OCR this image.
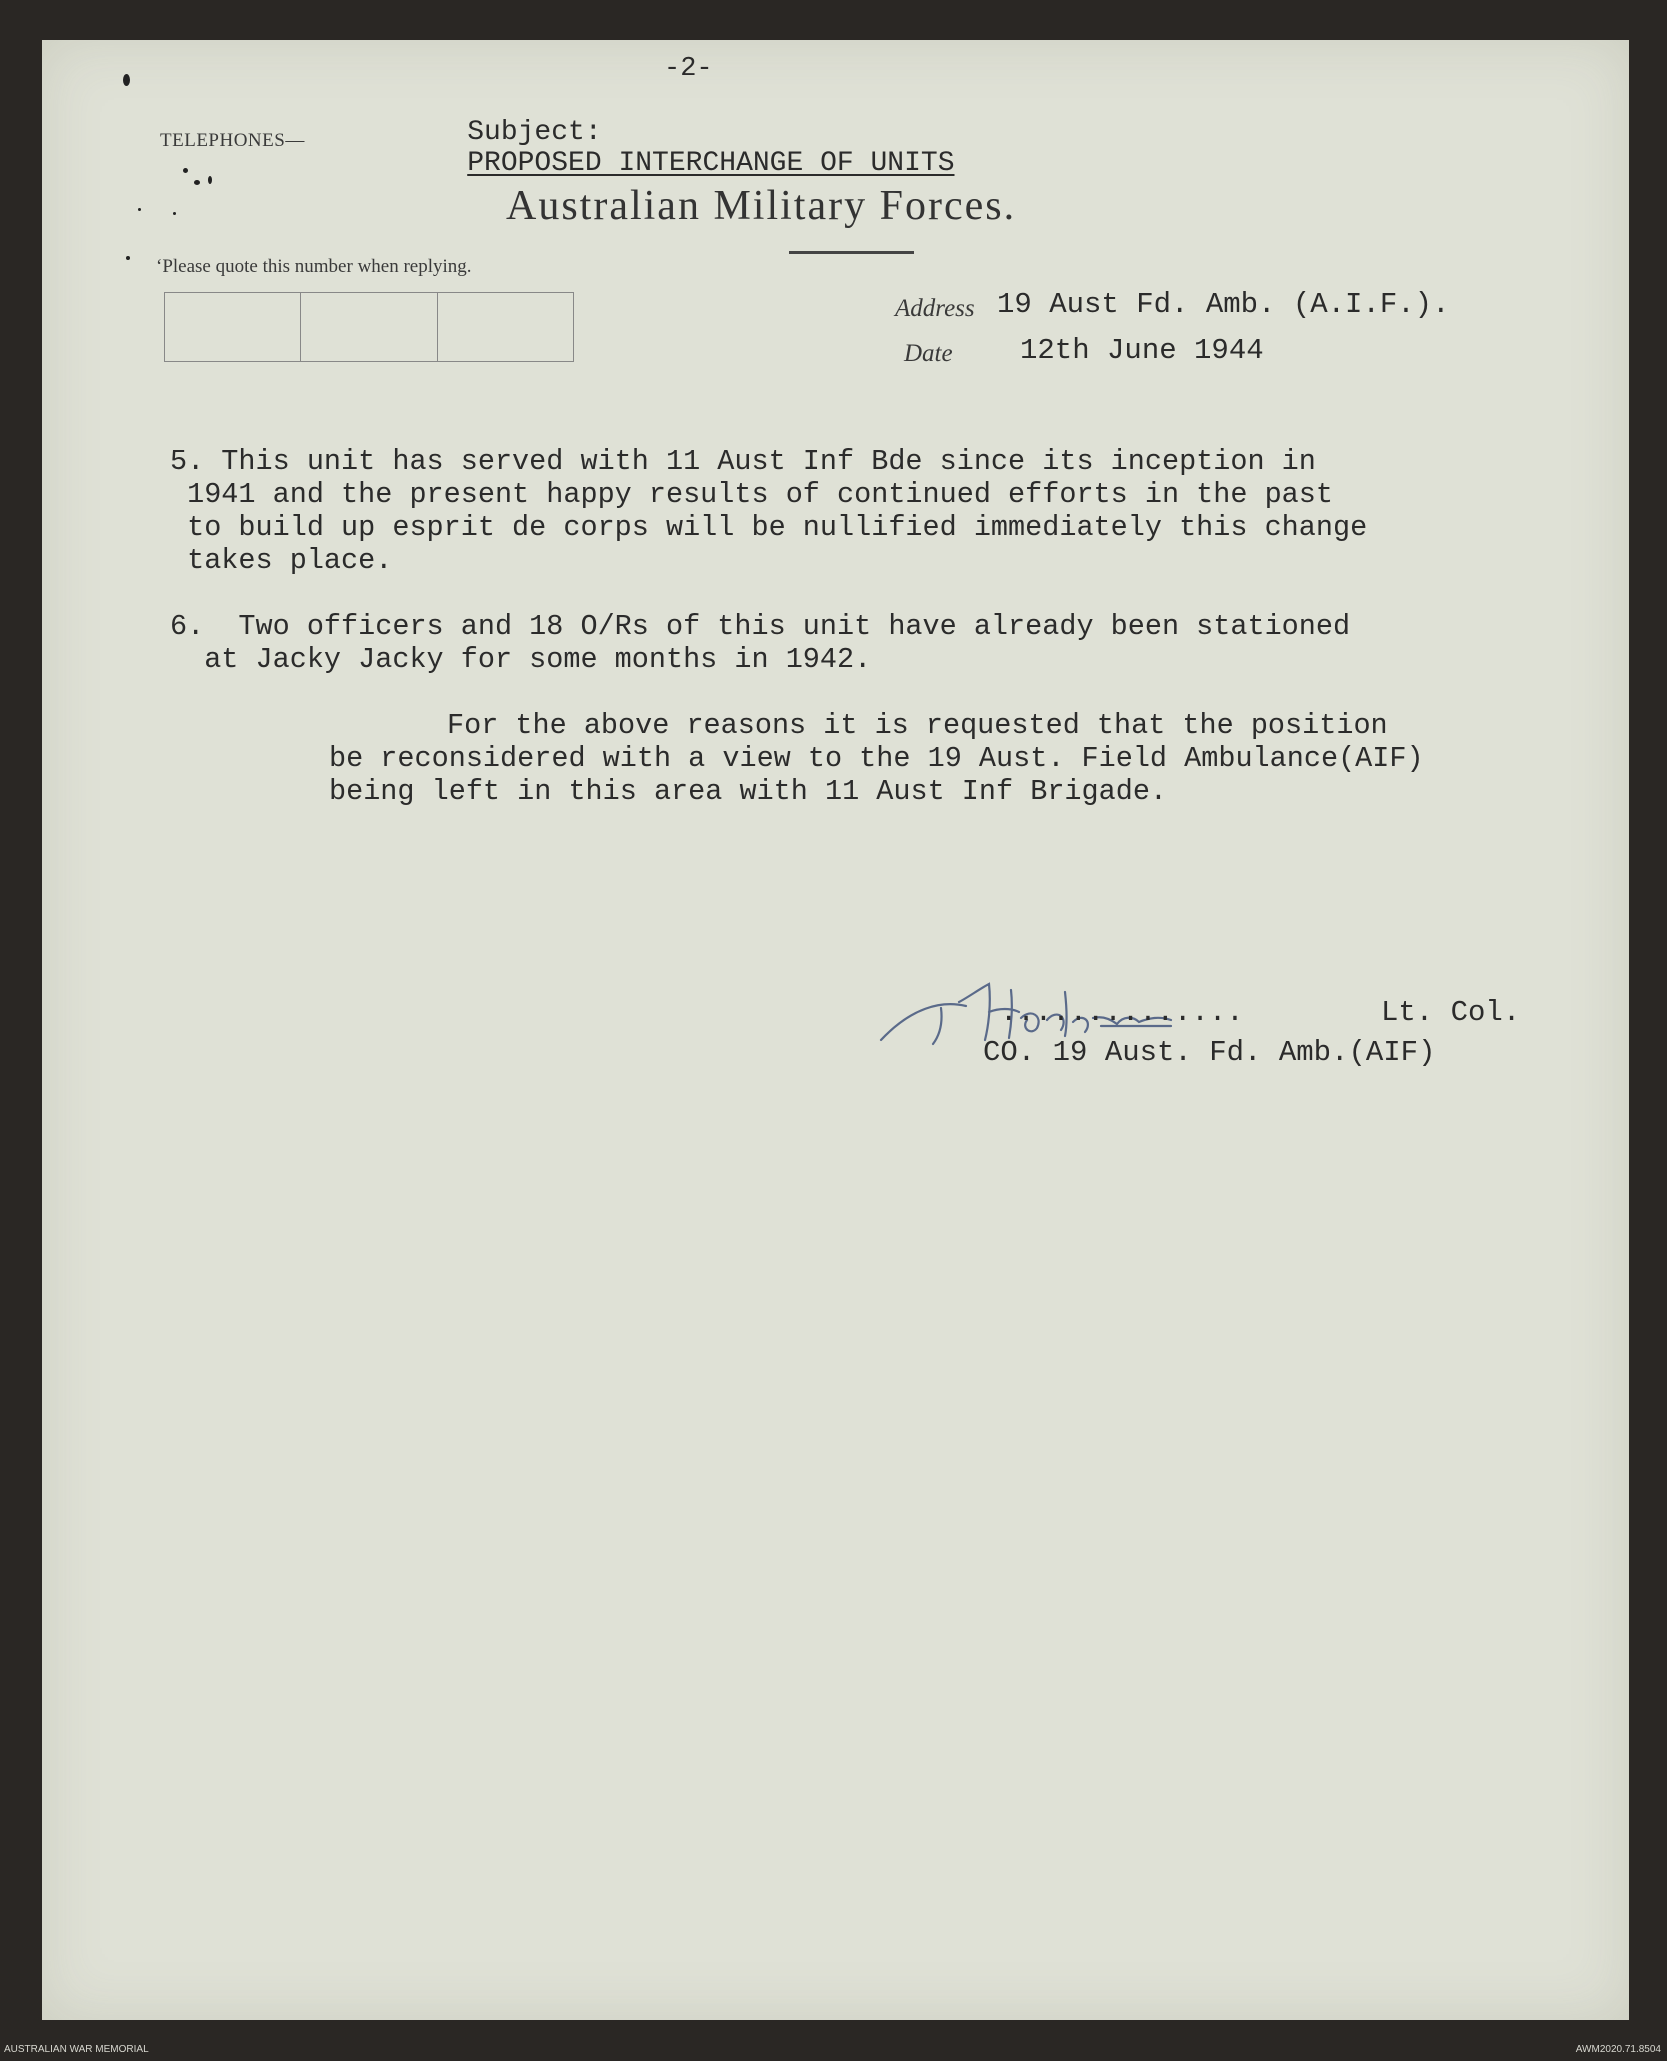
-2-

Subject:
PROPOSED INTERCHANGE OF UNITS

TELEPHONES—
Australian Military Forces.
‘Please quote this number when replying.
Address 19 Aust Fd. Amb. (A.I.F.).
Date 12th June 1944
5. This unit has served with 11 Aust Inf Bde since its inception in
1941 and the present happy results of continued efforts in the past
to build up esprit de corps will be nullified immediately this change
takes place.
6.  Two officers and 18 O/Rs of this unit have already been stationed
at Jacky Jacky for some months in 1942.
For the above reasons it is requested that the position
be reconsidered with a view to the 19 Aust. Field Ambulance(AIF)
being left in this area with 11 Aust Inf Brigade.
..............	Lt. Col.
CO. 19 Aust. Fd. Amb.(AIF)
AUSTRALIAN WAR MEMORIAL	AWM2020.71.8504
